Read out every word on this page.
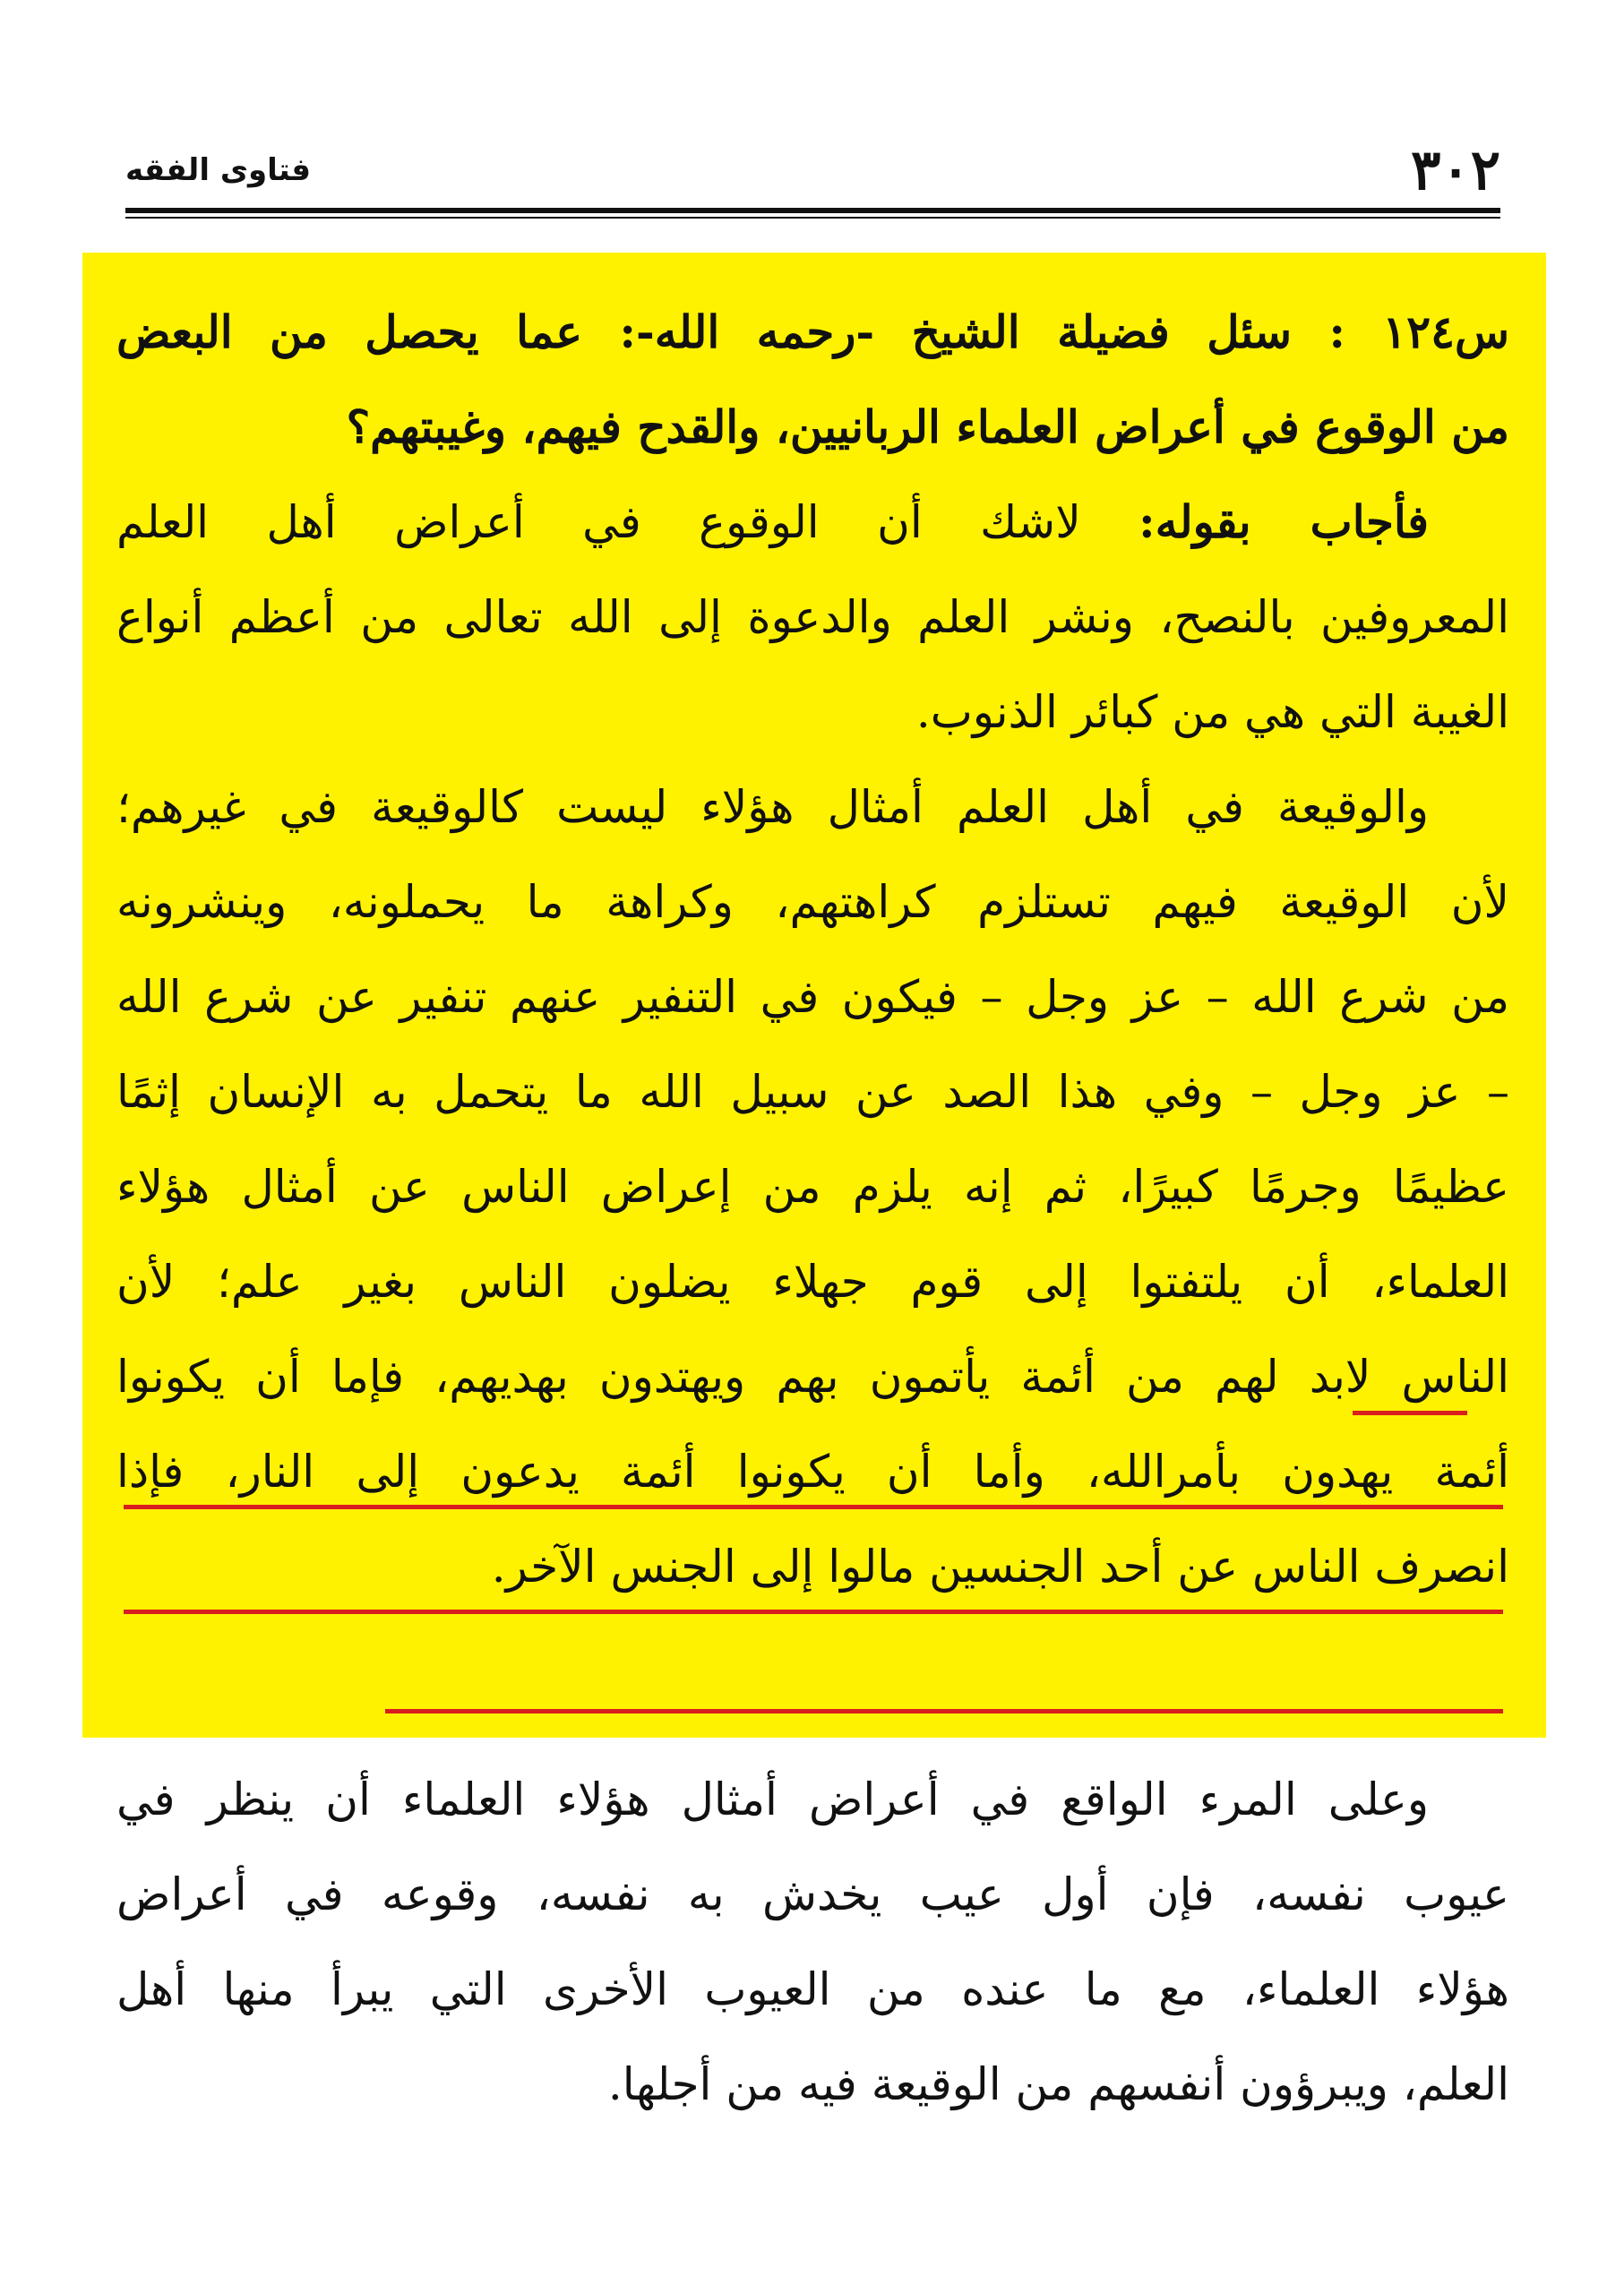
٣٠٢
فتاوى الفقه
س١٢٤ : سئل فضيلة الشيخ -رحمه الله-: عما يحصل من البعض
من الوقوع في أعراض العلماء الربانيين، والقدح فيهم، وغيبتهم؟
فأجاب بقوله: لاشك أن الوقوع في أعراض أهل العلم
المعروفين بالنصح، ونشر العلم والدعوة إلى الله تعالى من أعظم أنواع
الغيبة التي هي من كبائر الذنوب.
والوقيعة في أهل العلم أمثال هؤلاء ليست كالوقيعة في غيرهم؛
لأن الوقيعة فيهم تستلزم كراهتهم، وكراهة ما يحملونه، وينشرونه
من شرع الله – عز وجل – فيكون في التنفير عنهم تنفير عن شرع الله
– عز وجل – وفي هذا الصد عن سبيل الله ما يتحمل به الإنسان إثمًا
عظيمًا وجرمًا كبيرًا، ثم إنه يلزم من إعراض الناس عن أمثال هؤلاء
العلماء، أن يلتفتوا إلى قوم جهلاء يضلون الناس بغير علم؛ لأن
الناس لابد لهم من أئمة يأتمون بهم ويهتدون بهديهم، فإما أن يكونوا
أئمة يهدون بأمرالله، وأما أن يكونوا أئمة يدعون إلى النار، فإذا
انصرف الناس عن أحد الجنسين مالوا إلى الجنس الآخر.
وعلى المرء الواقع في أعراض أمثال هؤلاء العلماء أن ينظر في
عيوب نفسه، فإن أول عيب يخدش به نفسه، وقوعه في أعراض
هؤلاء العلماء، مع ما عنده من العيوب الأخرى التي يبرأ منها أهل
العلم، ويبرؤون أنفسهم من الوقيعة فيه من أجلها.
